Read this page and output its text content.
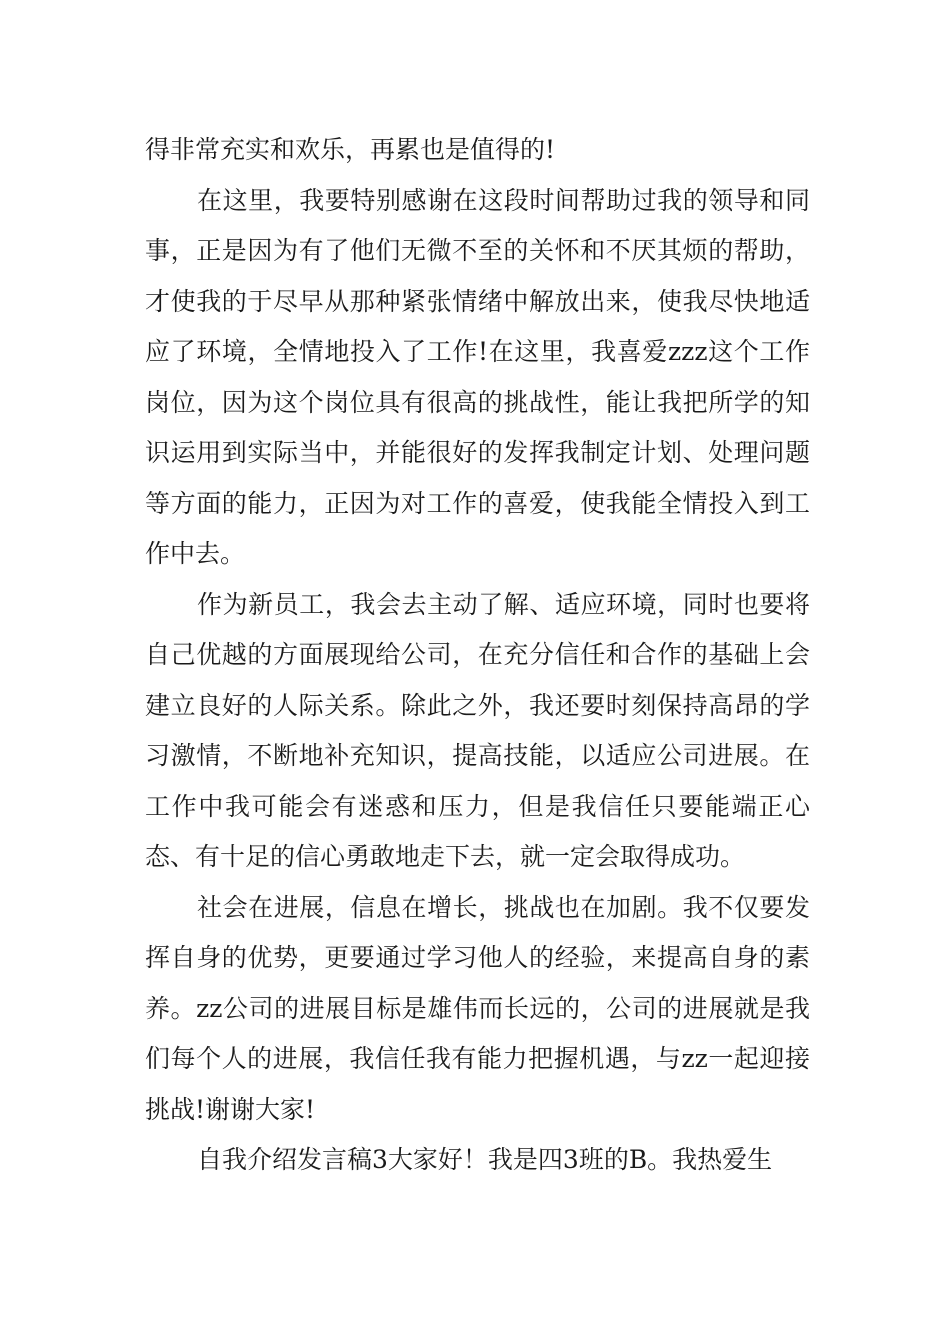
得非常充实和欢乐，再累也是值得的!

在这里，我要特别感谢在这段时间帮助过我的领导和同事，正是因为有了他们无微不至的关怀和不厌其烦的帮助，才使我的于尽早从那种紧张情绪中解放出来，使我尽快地适应了环境，全情地投入了工作!在这里，我喜爱zzz这个工作岗位，因为这个岗位具有很高的挑战性，能让我把所学的知识运用到实际当中，并能很好的发挥我制定计划、处理问题等方面的能力，正因为对工作的喜爱，使我能全情投入到工作中去。

作为新员工，我会去主动了解、适应环境，同时也要将自己优越的方面展现给公司，在充分信任和合作的基础上会建立良好的人际关系。除此之外，我还要时刻保持高昂的学习激情，不断地补充知识，提高技能，以适应公司进展。在工作中我可能会有迷惑和压力，但是我信任只要能端正心态、有十足的信心勇敢地走下去，就一定会取得成功。

社会在进展，信息在增长，挑战也在加剧。我不仅要发挥自身的优势，更要通过学习他人的经验，来提高自身的素养。zz公司的进展目标是雄伟而长远的，公司的进展就是我们每个人的进展，我信任我有能力把握机遇，与zz一起迎接挑战!谢谢大家!

自我介绍发言稿3大家好！我是四3班的B。我热爱生
